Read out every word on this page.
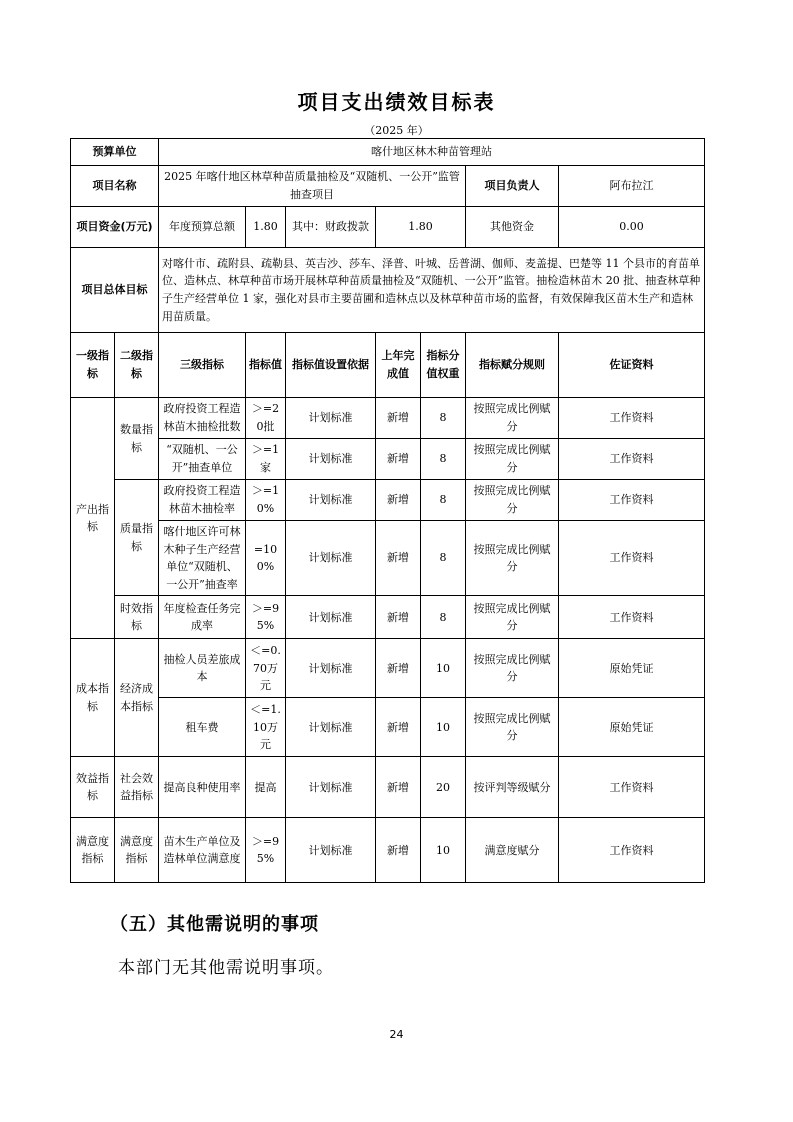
项目支出绩效目标表
（2025 年）
预算单位		喀什地区林木种苗管理站						
项目名称		2025 年喀什地区林草种苗质量抽检及“双随机、一公开”监管抽查项目					项目负责人	阿布拉江
项目资金(万元)		年度预算总额	1.80	其中：财政拨款	1.80		其他资金	0.00
项目总体目标		对喀什市、疏附县、疏勒县、英吉沙、莎车、泽普、叶城、岳普湖、伽师、麦盖提、巴楚等 11 个县市的育苗单位、造林点、林草种苗市场开展林草种苗质量抽检及“双随机、一公开”监管。抽检造林苗木 20 批、抽查林草种子生产经营单位 1 家，强化对县市主要苗圃和造林点以及林草种苗市场的监督，有效保障我区苗木生产和造林用苗质量。						
一级指标	二级指标	三级指标	指标值	指标值设置依据	上年完成值	指标分值权重	指标赋分规则	佐证资料
产出指标	数量指标	政府投资工程造林苗木抽检批数	＞=20批	计划标准	新增	8	按照完成比例赋分	工作资料
		“双随机、一公开”抽查单位	＞=1家	计划标准	新增	8	按照完成比例赋分	工作资料
	质量指标	政府投资工程造林苗木抽检率	＞=10%	计划标准	新增	8	按照完成比例赋分	工作资料
		喀什地区许可林木种子生产经营单位“双随机、一公开”抽查率	=100%	计划标准	新增	8	按照完成比例赋分	工作资料
	时效指标	年度检查任务完成率	＞=95%	计划标准	新增	8	按照完成比例赋分	工作资料
成本指标	经济成本指标	抽检人员差旅成本	＜=0.70万元	计划标准	新增	10	按照完成比例赋分	原始凭证
		租车费	＜=1.10万元	计划标准	新增	10	按照完成比例赋分	原始凭证
效益指标	社会效益指标	提高良种使用率	提高	计划标准	新增	20	按评判等级赋分	工作资料
满意度指标	满意度指标	苗木生产单位及造林单位满意度	＞=95%	计划标准	新增	10	满意度赋分	工作资料
（五）其他需说明的事项
本部门无其他需说明事项。
24
